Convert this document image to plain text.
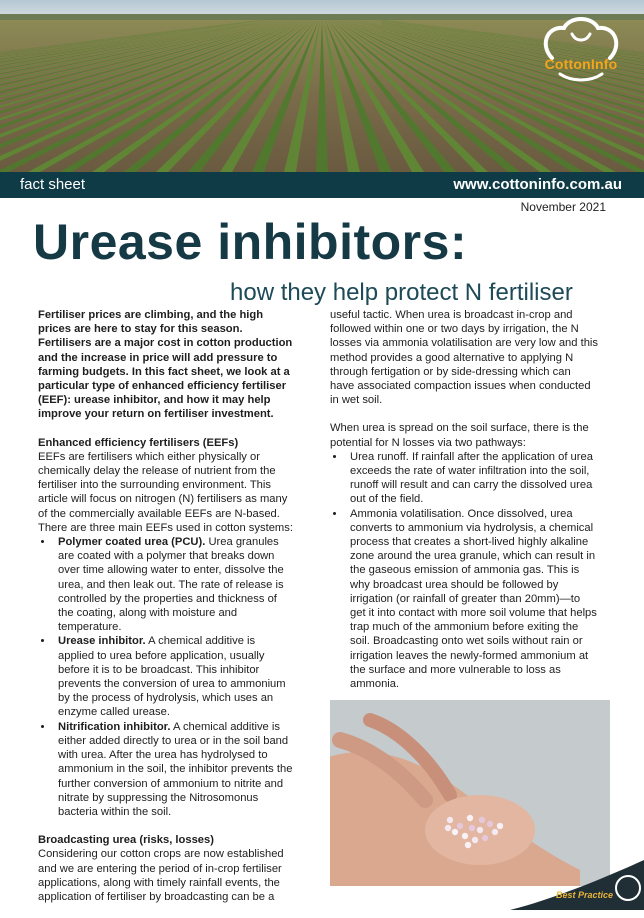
CottonInfo
fact sheet	www.cottoninfo.com.au
November 2021
Urease inhibitors:
how they help protect N fertiliser

Fertiliser prices are climbing, and the high prices are here to stay for this season. Fertilisers are a major cost in cotton production and the increase in price will add pressure to farming budgets. In this fact sheet, we look at a particular type of enhanced efficiency fertiliser (EEF): urease inhibitor, and how it may help improve your return on fertiliser investment.

Enhanced efficiency fertilisers (EEFs)

EEFs are fertilisers which either physically or chemically delay the release of nutrient from the fertiliser into the surrounding environment. This article will focus on nitrogen (N) fertilisers as many of the commercially available EEFs are N-based. There are three main EEFs used in cotton systems:

• Polymer coated urea (PCU). Urea granules are coated with a polymer that breaks down over time allowing water to enter, dissolve the urea, and then leak out. The rate of release is controlled by the properties and thickness of the coating, along with moisture and temperature.
• Urease inhibitor. A chemical additive is applied to urea before application, usually before it is to be broadcast. This inhibitor prevents the conversion of urea to ammonium by the process of hydrolysis, which uses an enzyme called urease.
• Nitrification inhibitor. A chemical additive is either added directly to urea or in the soil band with urea. After the urea has hydrolysed to ammonium in the soil, the inhibitor prevents the further conversion of ammonium to nitrite and nitrate by suppressing the Nitrosomonus bacteria within the soil.
Broadcasting urea (risks, losses)

Considering our cotton crops are now established and we are entering the period of in-crop fertiliser applications, along with timely rainfall events, the application of fertiliser by broadcasting can be a

useful tactic. When urea is broadcast in-crop and followed within one or two days by irrigation, the N losses via ammonia volatilisation are very low and this method provides a good alternative to applying N through fertigation or by side-dressing which can have associated compaction issues when conducted in wet soil.

When urea is spread on the soil surface, there is the potential for N losses via two pathways:

• Urea runoff. If rainfall after the application of urea exceeds the rate of water infiltration into the soil, runoff will result and can carry the dissolved urea out of the field.
• Ammonia volatilisation. Once dissolved, urea converts to ammonium via hydrolysis, a chemical process that creates a short-lived highly alkaline zone around the urea granule, which can result in the gaseous emission of ammonia gas. This is why broadcast urea should be followed by irrigation (or rainfall of greater than 20mm)—to get it into contact with more soil volume that helps trap much of the ammonium before exiting the soil. Broadcasting onto wet soils without rain or irrigation leaves the newly-formed ammonium at the surface and more vulnerable to loss as ammonia.
Best Practice
